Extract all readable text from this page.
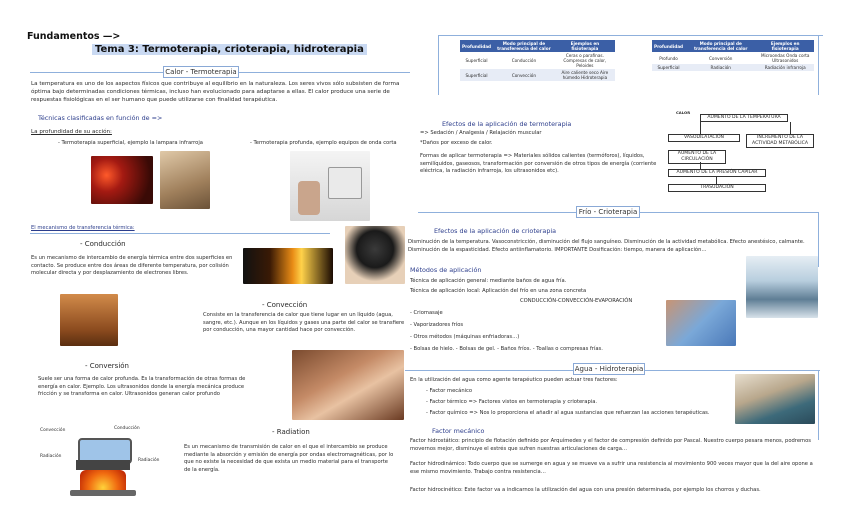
Fundamentos —>
Tema 3: Termoterapia, crioterapia, hidroterapia
Calor - Termoterapia
La temperatura es uno de los aspectos físicos que contribuye al equilibrio en la naturaleza. Los seres vivos sólo subsisten de forma óptima bajo determinadas condiciones térmicas, incluso han evolucionado para adaptarse a ellas. El calor produce una serie de respuestas fisiológicas en el ser humano que puede utilizarse con finalidad terapéutica.
Técnicas clasificadas en función de =>
La profundidad de su acción:
- Termoterapia superficial, ejemplo la lampara infrarroja	- Termoterapia profunda, ejemplo equipos de onda corta
El mecanismo de transferencia térmica:
- Conducción
Es un mecanismo de intercambio de energía térmica entre dos superficies en contacto. Se produce entre dos áreas de diferente temperatura, por colisión molecular directa y por desplazamiento de electrones libres.
- Convección
Consiste en la transferencia de calor que tiene lugar en un líquido (agua, sangre, etc.). Aunque en los líquidos y gases una parte del calor se transfiere por conducción, una mayor cantidad hace por convección.
- Conversión
Suele ser una forma de calor profunda. Es la transformación de otras formas de energía en calor. Ejemplo. Los ultrasonidos donde la energía mecánica produce fricción y se transforma en calor. Ultrasonidos generan calor profundo
Convección	Conducción
Radiación
Radiación
- Radiation
Es un mecanismo de transmisión de calor en el que el intercambio se produce mediante la absorción y emisión de energía por ondas electromagnéticas, por lo que no existe la necesidad de que exista un medio material para el transporte de la energía.
Profundidad	Modo principal de transferencia del calor	Ejemplos en fisioterapia
Superficial	Conducción	Ceras o parafinas. Compresas de calor, Peloides
Superficial	Convección	Aire caliente seco Aire húmedo Hidroterapia
Profundidad	Modo principal de transferencia del calor	Ejemplos en fisioterapia
Profundo	Conversión	Microondas Onda corta Ultrasonidos
Superficial	Radiación	Radiación infrarroja
Efectos de la aplicación de termoterapia
=> Sedación / Analgesia / Relajación muscular
*Daños por exceso de calor.
Formas de aplicar termoterapia => Materiales sólidos calientes (termóforos), líquidos, semilíquidos, gaseosos, transformación por conversión de otros tipos de energía (corriente eléctrica, la radiación infrarroja, los ultrasonidos etc).
CALOR
AUMENTO DE LA TEMPERATURA
VASODILATACIÓN	INCREMENTO DE LA ACTIVIDAD METABÓLICA
AUMENTO DE LA CIRCULACIÓN
AUMENTO DE LA PRESIÓN CAPILAR
TRASUDACIÓN
Frío - Crioterapia
Efectos de la aplicación de crioterapia
Disminución de la temperatura. Vasoconstricción, disminución del flujo sanguíneo. Disminución de la actividad metabólica. Efecto anestésico, calmante. Disminución de la espasticidad. Efecto antiinflamatorio. IMPORTANTE Dosificación: tiempo, manera de aplicación…
Métodos de aplicación
Técnica de aplicación general: mediante baños de agua fría.
Técnica de aplicación local: Aplicación del frío en una zona concreta
CONDUCCIÓN-CONVECCIÓN-EVAPORACIÓN
- Criomasaje
- Vaporizadores fríos
- Otros métodos (máquinas enfriadoras…)
- Bolsas de hielo. - Bolsas de gel. - Baños fríos. - Toallas o compresas frías.
Agua - Hidroterapia
En la utilización del agua como agente terapéutico pueden actuar tres factores:
- Factor mecánico
- Factor térmico => Factores vistos en termoterapia y crioterapia.
- Factor químico => Nos lo proporciona el añadir al agua sustancias que refuerzan las acciones terapéuticas.
Factor mecánico
Factor hidrostático: principio de flotación definido por Arquímedes y el factor de compresión definido por Pascal. Nuestro cuerpo pesara menos, podremos movernos mejor, disminuye el estrés que sufren nuestras articulaciones de carga…
Factor hidrodinámico: Todo cuerpo que se sumerge en agua y se mueve va a sufrir una resistencia al movimiento 900 veces mayor que la del aire opone a ese mismo movimiento. Trabajo contra resistencia…
Factor hidrocinético: Este factor va a indicarnos la utilización del agua con una presión determinada, por ejemplo los chorros y duchas.
